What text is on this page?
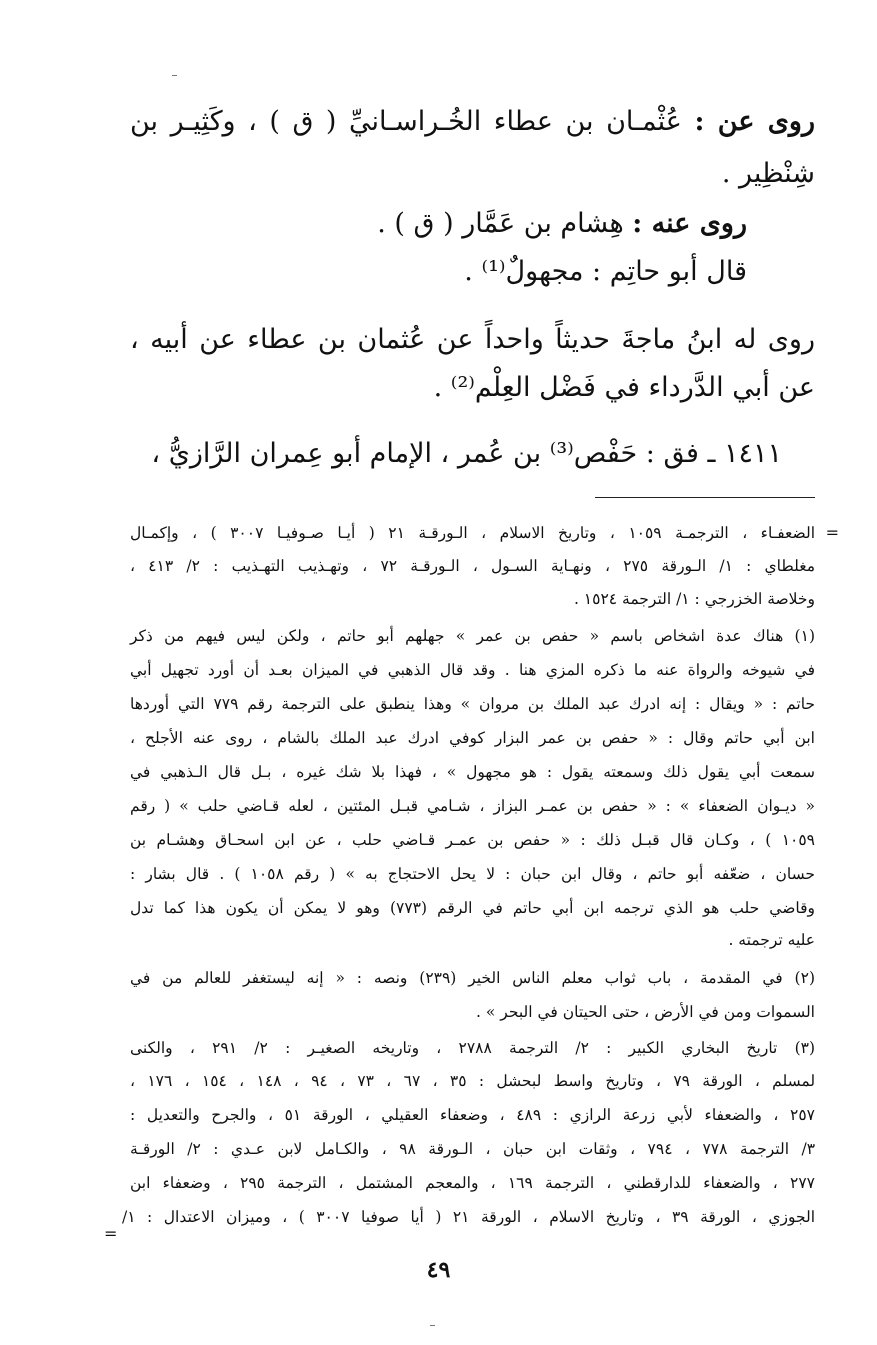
روى عن : عُثْمـان بن عطاء الخُـراسـانيِّ ( ق ) ، وكَثِيـر بن
شِنْظِير .
روى عنه : هِشام بن عَمَّار ( ق ) .
قال أبو حاتِم : مجهولٌ⁽¹⁾ .
روى له ابنُ ماجةَ حديثاً واحداً عن عُثمان بن عطاء عن أبيه ،
عن أبي الدَّرداء في فَضْل العِلْم⁽²⁾ .
١٤١١ ـ فق : حَفْص⁽³⁾ بن عُمر ، الإمام أبو عِمران الرَّازيُّ ،
=
=
الضعفـاء ، الترجمـة ١٠٥٩ ، وتاريخ الاسلام ، الـورقـة ٢١ ( أيـا صـوفيـا ٣٠٠٧ ) ، وإكمـال
مغلطاي : ١/ الـورقة ٢٧٥ ، ونهـاية السـول ، الـورقـة ٧٢ ، وتهـذيب التهـذيب : ٢/ ٤١٣ ،
وخلاصة الخزرجي : ١/ الترجمة ١٥٢٤ .
(١) هناك عدة اشخاص باسم « حفص بن عمر » جهلهم أبو حاتم ، ولكن ليس فيهم من ذكر
في شيوخه والرواة عنه ما ذكره المزي هنا . وقد قال الذهبي في الميزان بعـد أن أورد تجهيل أبي
حاتم : « ويقال : إنه ادرك عبد الملك بن مروان » وهذا ينطبق على الترجمة رقم ٧٧٩ التي أوردها
ابن أبي حاتم وقال : « حفص بن عمر البزار كوفي ادرك عبد الملك بالشام ، روى عنه الأجلح ،
سمعت أبي يقول ذلك وسمعته يقول : هو مجهول » ، فهذا بلا شك غيره ، بـل قال الـذهبي في
« ديـوان الضعفاء » : « حفص بن عمـر البزاز ، شـامي قبـل المئتين ، لعله قـاضي حلب » ( رقم
١٠٥٩ ) ، وكـان قال قبـل ذلك : « حفص بن عمـر قـاضي حلب ، عن ابن اسحـاق وهشـام بن
حسان ، ضعّفه أبو حاتم ، وقال ابن حبان : لا يحل الاحتجاج به » ( رقم ١٠٥٨ ) . قال بشار :
وقاضي حلب هو الذي ترجمه ابن أبي حاتم في الرقم (٧٧٣) وهو لا يمكن أن يكون هذا كما تدل
عليه ترجمته .
(٢) في المقدمة ، باب ثواب معلم الناس الخير (٢٣٩) ونصه : « إنه ليستغفر للعالم من في
السموات ومن في الأرض ، حتى الحيتان في البحر » .
(٣) تاريخ البخاري الكبير : ٢/ الترجمة ٢٧٨٨ ، وتاريخه الصغيـر : ٢/ ٢٩١ ، والكنى
لمسلم ، الورقة ٧٩ ، وتاريخ واسط لبحشل : ٣٥ ، ٦٧ ، ٧٣ ، ٩٤ ، ١٤٨ ، ١٥٤ ، ١٧٦ ،
٢٥٧ ، والضعفاء لأبي زرعة الرازي : ٤٨٩ ، وضعفاء العقيلي ، الورقة ٥١ ، والجرح والتعديل :
٣/ الترجمة ٧٧٨ ، ٧٩٤ ، وثقات ابن حبان ، الـورقة ٩٨ ، والكـامل لابن عـدي : ٢/ الورقـة
٢٧٧ ، والضعفاء للدارقطني ، الترجمة ١٦٩ ، والمعجم المشتمل ، الترجمة ٢٩٥ ، وضعفاء ابن
الجوزي ، الورقة ٣٩ ، وتاريخ الاسلام ، الورقة ٢١ ( أيا صوفيا ٣٠٠٧ ) ، وميزان الاعتدال : ١/
٤٩
